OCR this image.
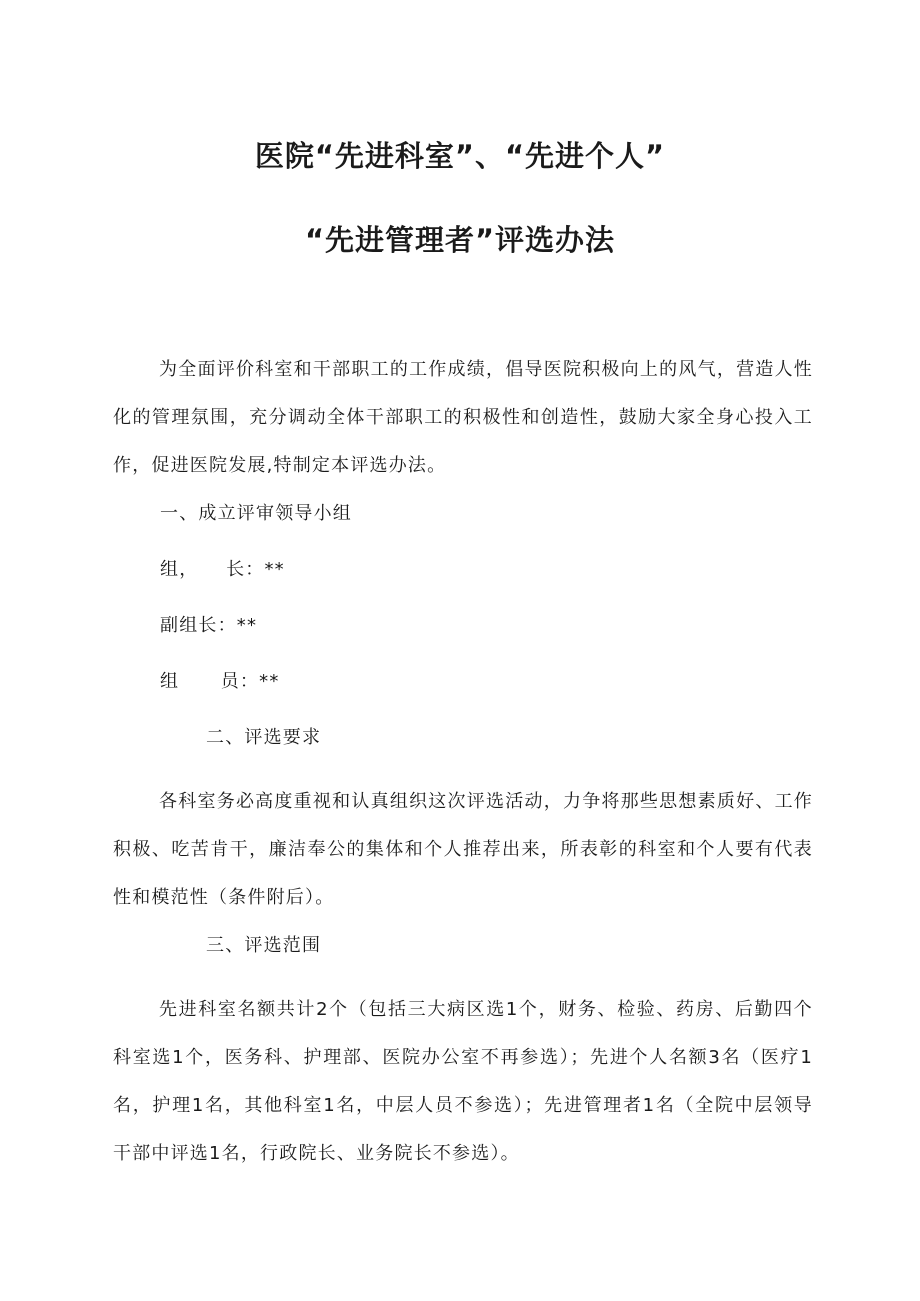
医院“先进科室”、“先进个人”
“先进管理者”评选办法

为全面评价科室和干部职工的工作成绩，倡导医院积极向上的风气，营造人性化的管理氛围，充分调动全体干部职工的积极性和创造性，鼓励大家全身心投入工作，促进医院发展,特制定本评选办法。

一、成立评审领导小组

组，    长：**

副组长：**

组      员：**

二、评选要求

各科室务必高度重视和认真组织这次评选活动，力争将那些思想素质好、工作积极、吃苦肯干，廉洁奉公的集体和个人推荐出来，所表彰的科室和个人要有代表性和模范性（条件附后）。

三、评选范围

先进科室名额共计2个（包括三大病区选1个，财务、检验、药房、后勤四个科室选1个，医务科、护理部、医院办公室不再参选）；先进个人名额3名（医疗1名，护理1名，其他科室1名，中层人员不参选）；先进管理者1名（全院中层领导干部中评选1名，行政院长、业务院长不参选）。
